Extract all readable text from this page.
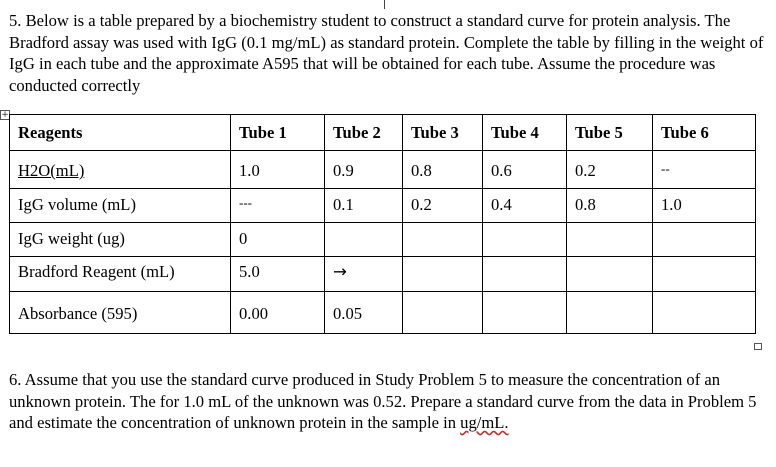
5. Below is a table prepared by a biochemistry student to construct a standard curve for protein analysis. The Bradford assay was used with IgG (0.1 mg/mL) as standard protein. Complete the table by filling in the weight of IgG in each tube and the approximate A595 that will be obtained for each tube. Assume the procedure was conducted correctly

+
Reagents	Tube 1	Tube 2	Tube 3	Tube 4	Tube 5	Tube 6
H2O(mL)	1.0	0.9	0.8	0.6	0.2	--
IgG volume (mL)	---	0.1	0.2	0.4	0.8	1.0
IgG weight (ug)	0					
Bradford Reagent (mL)	5.0	→				
Absorbance (595)	0.00	0.05				

6. Assume that you use the standard curve produced in Study Problem 5 to measure the concentration of an unknown protein. The for 1.0 mL of the unknown was 0.52. Prepare a standard curve from the data in Problem 5 and estimate the concentration of unknown protein in the sample in ug/mL.
